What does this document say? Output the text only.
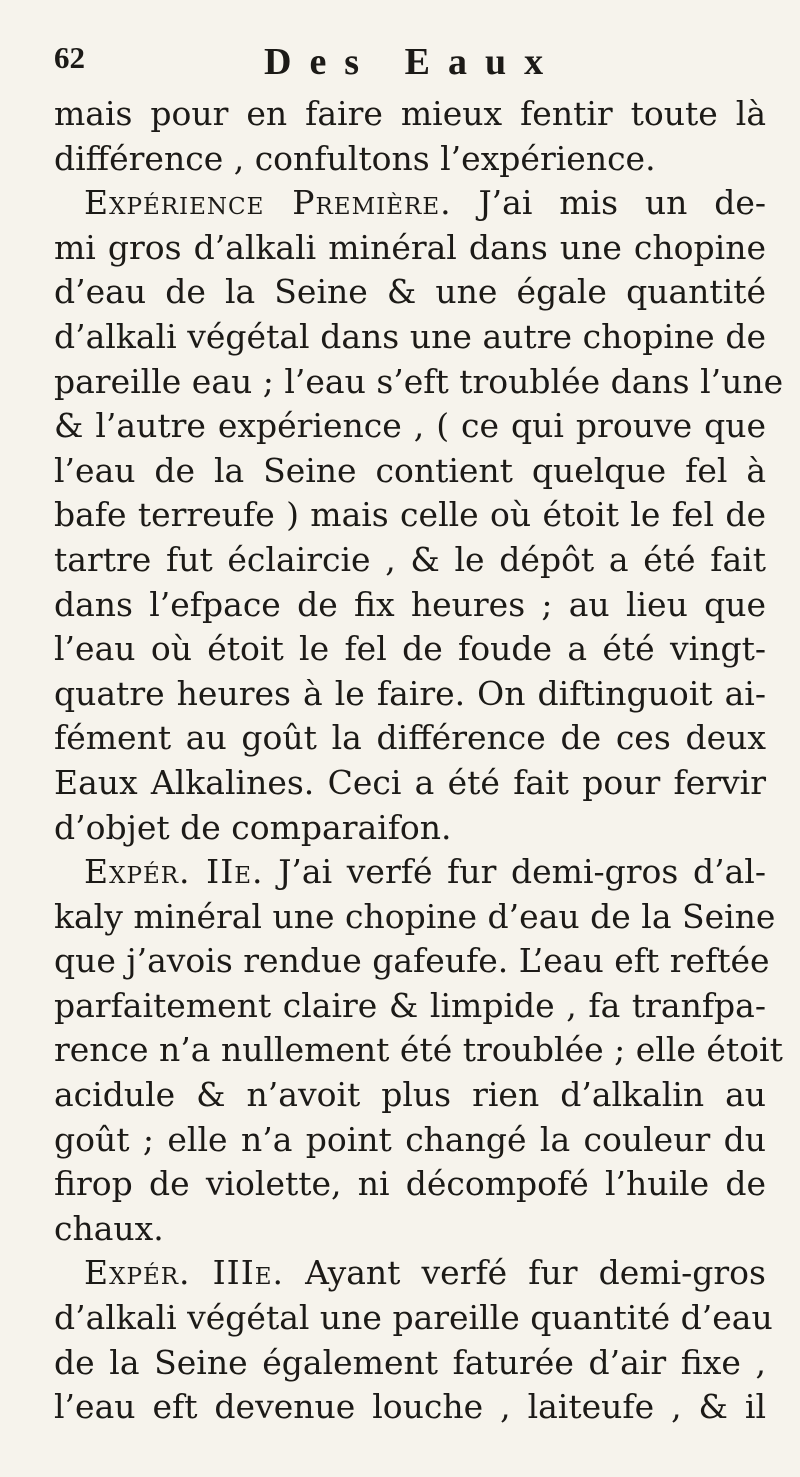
62	Des Eaux
mais pour en faire mieux fentir toute là
différence , confultons l’expérience.
Expérience Première. J’ai mis un de-
mi gros d’alkali minéral dans une chopine
d’eau de la Seine & une égale quantité
d’alkali végétal dans une autre chopine de
pareille eau ; l’eau s’eft troublée dans l’une
& l’autre expérience , ( ce qui prouve que
l’eau de la Seine contient quelque fel à
bafe terreufe ) mais celle où étoit le fel de
tartre fut éclaircie , & le dépôt a été fait
dans l’efpace de fix heures ; au lieu que
l’eau où étoit le fel de foude a été vingt-
quatre heures à le faire. On diftinguoit ai-
fément au goût la différence de ces deux
Eaux Alkalines. Ceci a été fait pour fervir
d’objet de comparaifon.
Expér. IIe. J’ai verfé fur demi-gros d’al-
kaly minéral une chopine d’eau de la Seine
que j’avois rendue gafeufe. L’eau eft reftée
parfaitement claire & limpide , fa tranfpa-
rence n’a nullement été troublée ; elle étoit
acidule & n’avoit plus rien d’alkalin au
goût ; elle n’a point changé la couleur du
firop de violette, ni décompofé l’huile de
chaux.
Expér. IIIe. Ayant verfé fur demi-gros
d’alkali végétal une pareille quantité d’eau
de la Seine également faturée d’air fixe ,
l’eau eft devenue louche , laiteufe , & il
